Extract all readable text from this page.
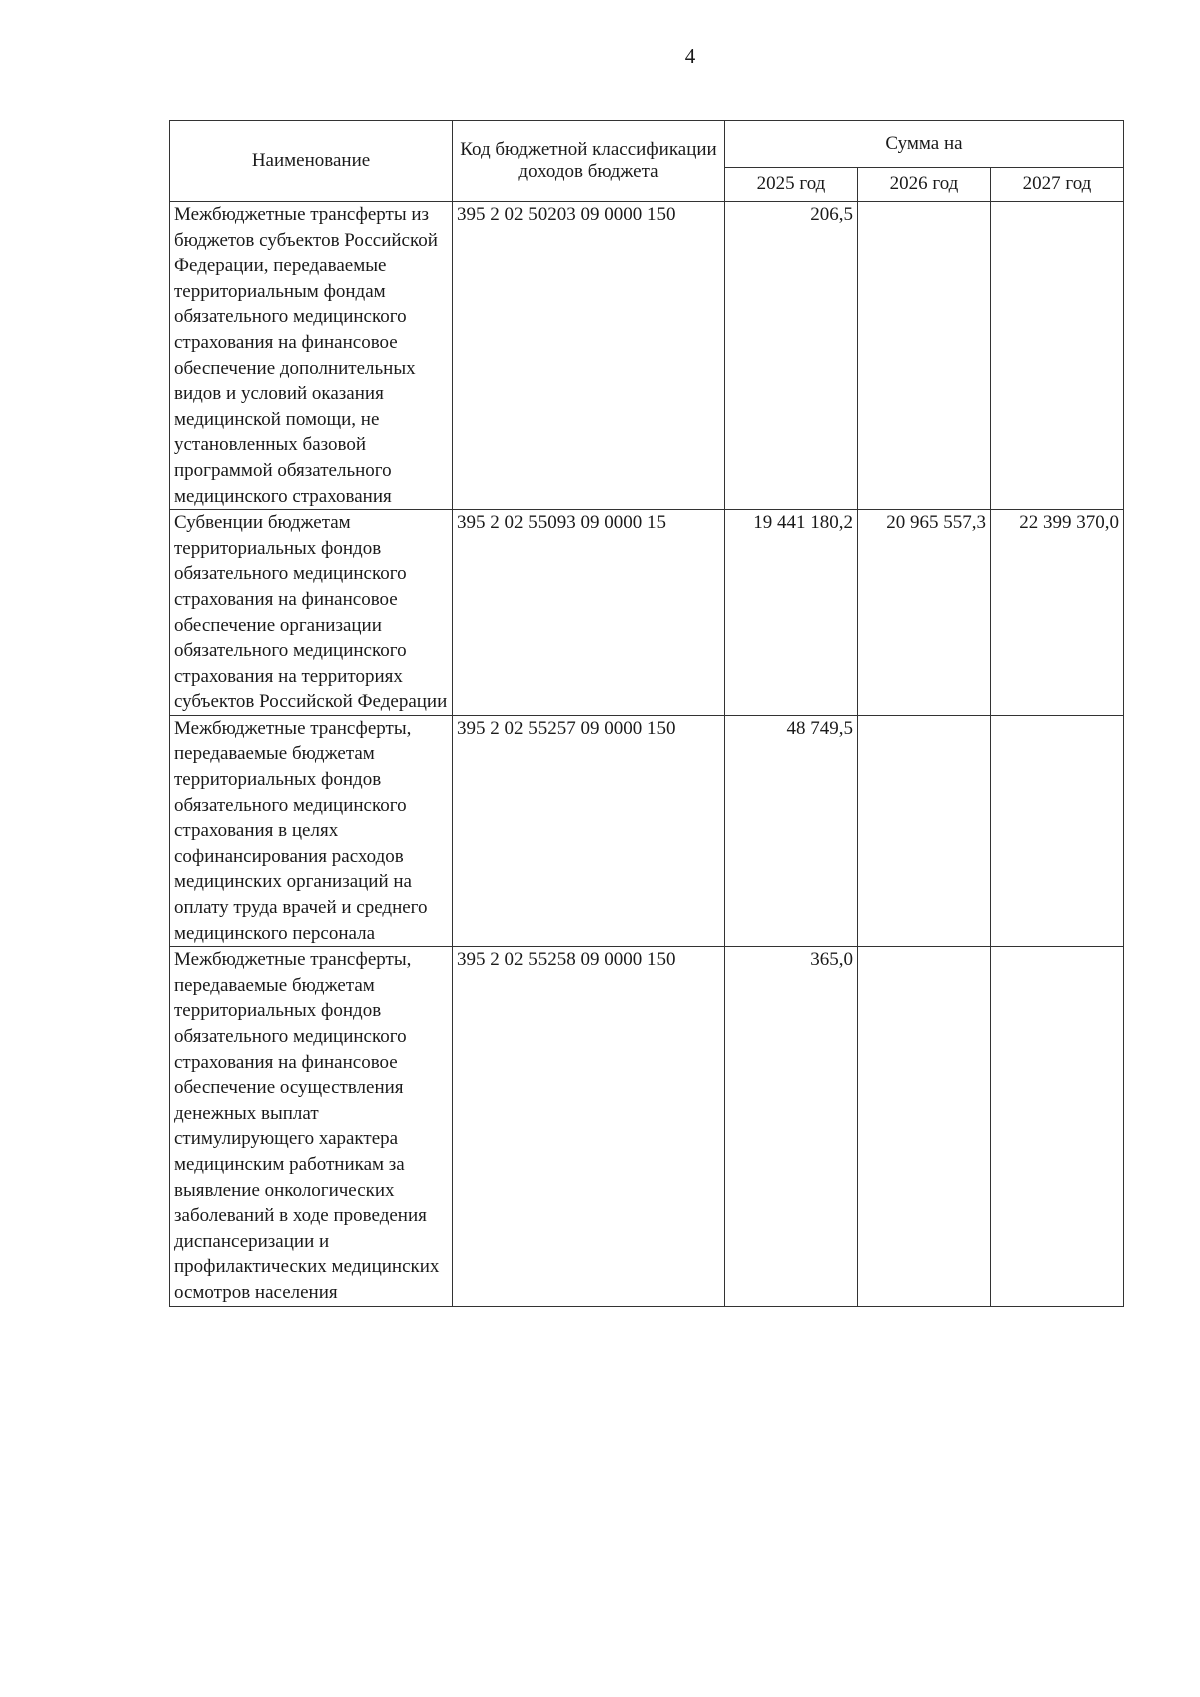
4
Наименование	Код бюджетной классификации доходов бюджета	Сумма на		
		2025 год	2026 год	2027 год
Межбюджетные трансферты из бюджетов субъектов Российской Федерации, передаваемые территориальным фондам обязательного медицинского страхования на финансовое обеспечение дополнительных видов и условий оказания медицинской помощи, не установленных базовой программой обязательного медицинского страхования	395 2 02 50203 09 0000 150	206,5		
Субвенции бюджетам территориальных фондов обязательного медицинского страхования на финансовое обеспечение организации обязательного медицинского страхования на территориях субъектов Российской Федерации	395 2 02 55093 09 0000 15	19 441 180,2	20 965 557,3	22 399 370,0
Межбюджетные трансферты, передаваемые бюджетам территориальных фондов обязательного медицинского страхования в целях софинансирования расходов медицинских организаций на оплату труда врачей и среднего медицинского персонала	395 2 02 55257 09 0000 150	48 749,5		
Межбюджетные трансферты, передаваемые бюджетам территориальных фондов обязательного медицинского страхования на финансовое обеспечение осуществления денежных выплат стимулирующего характера медицинским работникам за выявление онкологических заболеваний в ходе проведения диспансеризации и профилактических медицинских осмотров населения	395 2 02 55258 09 0000 150	365,0		
